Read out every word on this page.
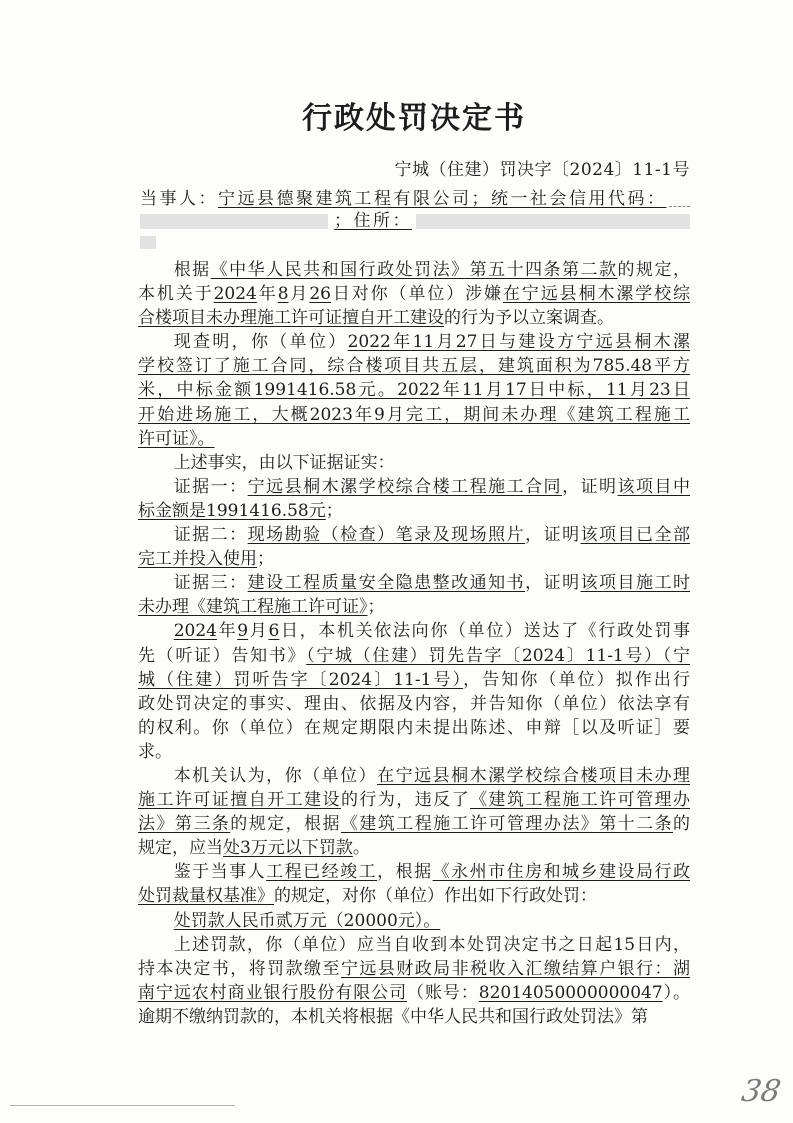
行政处罚决定书
宁城（住建）罚决字〔2024〕11-1号
当事人： 宁远县德聚建筑工程有限公司；统一社会信用代码：
；住所：
根据《中华人民共和国行政处罚法》第五十四条第二款的规定，
本机关于2024年8月26日对你（单位）涉嫌在宁远县桐木漯学校综
合楼项目未办理施工许可证擅自开工建设的行为予以立案调查。
现查明，你（单位）2022年11月27日与建设方宁远县桐木漯
学校签订了施工合同，综合楼项目共五层，建筑面积为785.48平方
米，中标金额1991416.58元。2022年11月17日中标，11月23日
开始进场施工，大概2023年9月完工，期间未办理《建筑工程施工
许可证》。
上述事实，由以下证据证实：
证据一：宁远县桐木漯学校综合楼工程施工合同，证明该项目中
标金额是1991416.58元；
证据二：现场勘验（检查）笔录及现场照片，证明该项目已全部
完工并投入使用；
证据三：建设工程质量安全隐患整改通知书，证明该项目施工时
未办理《建筑工程施工许可证》；
2024年9月6日，本机关依法向你（单位）送达了《行政处罚事
先（听证）告知书》（宁城（住建）罚先告字〔2024〕11-1号）（宁
城（住建）罚听告字〔2024〕11-1号），告知你（单位）拟作出行
政处罚决定的事实、理由、依据及内容，并告知你（单位）依法享有
的权利。你（单位）在规定期限内未提出陈述、申辩［以及听证］要
求。
本机关认为，你（单位）在宁远县桐木漯学校综合楼项目未办理
施工许可证擅自开工建设的行为，违反了《建筑工程施工许可管理办
法》第三条的规定，根据《建筑工程施工许可管理办法》第十二条的
规定，应当处3万元以下罚款。
鉴于当事人工程已经竣工，根据《永州市住房和城乡建设局行政
处罚裁量权基准》的规定，对你（单位）作出如下行政处罚：
处罚款人民币贰万元（20000元）。
上述罚款，你（单位）应当自收到本处罚决定书之日起15日内，
持本决定书，将罚款缴至宁远县财政局非税收入汇缴结算户银行：湖
南宁远农村商业银行股份有限公司（账号：82014050000000047）。
逾期不缴纳罚款的，本机关将根据《中华人民共和国行政处罚法》第
38
